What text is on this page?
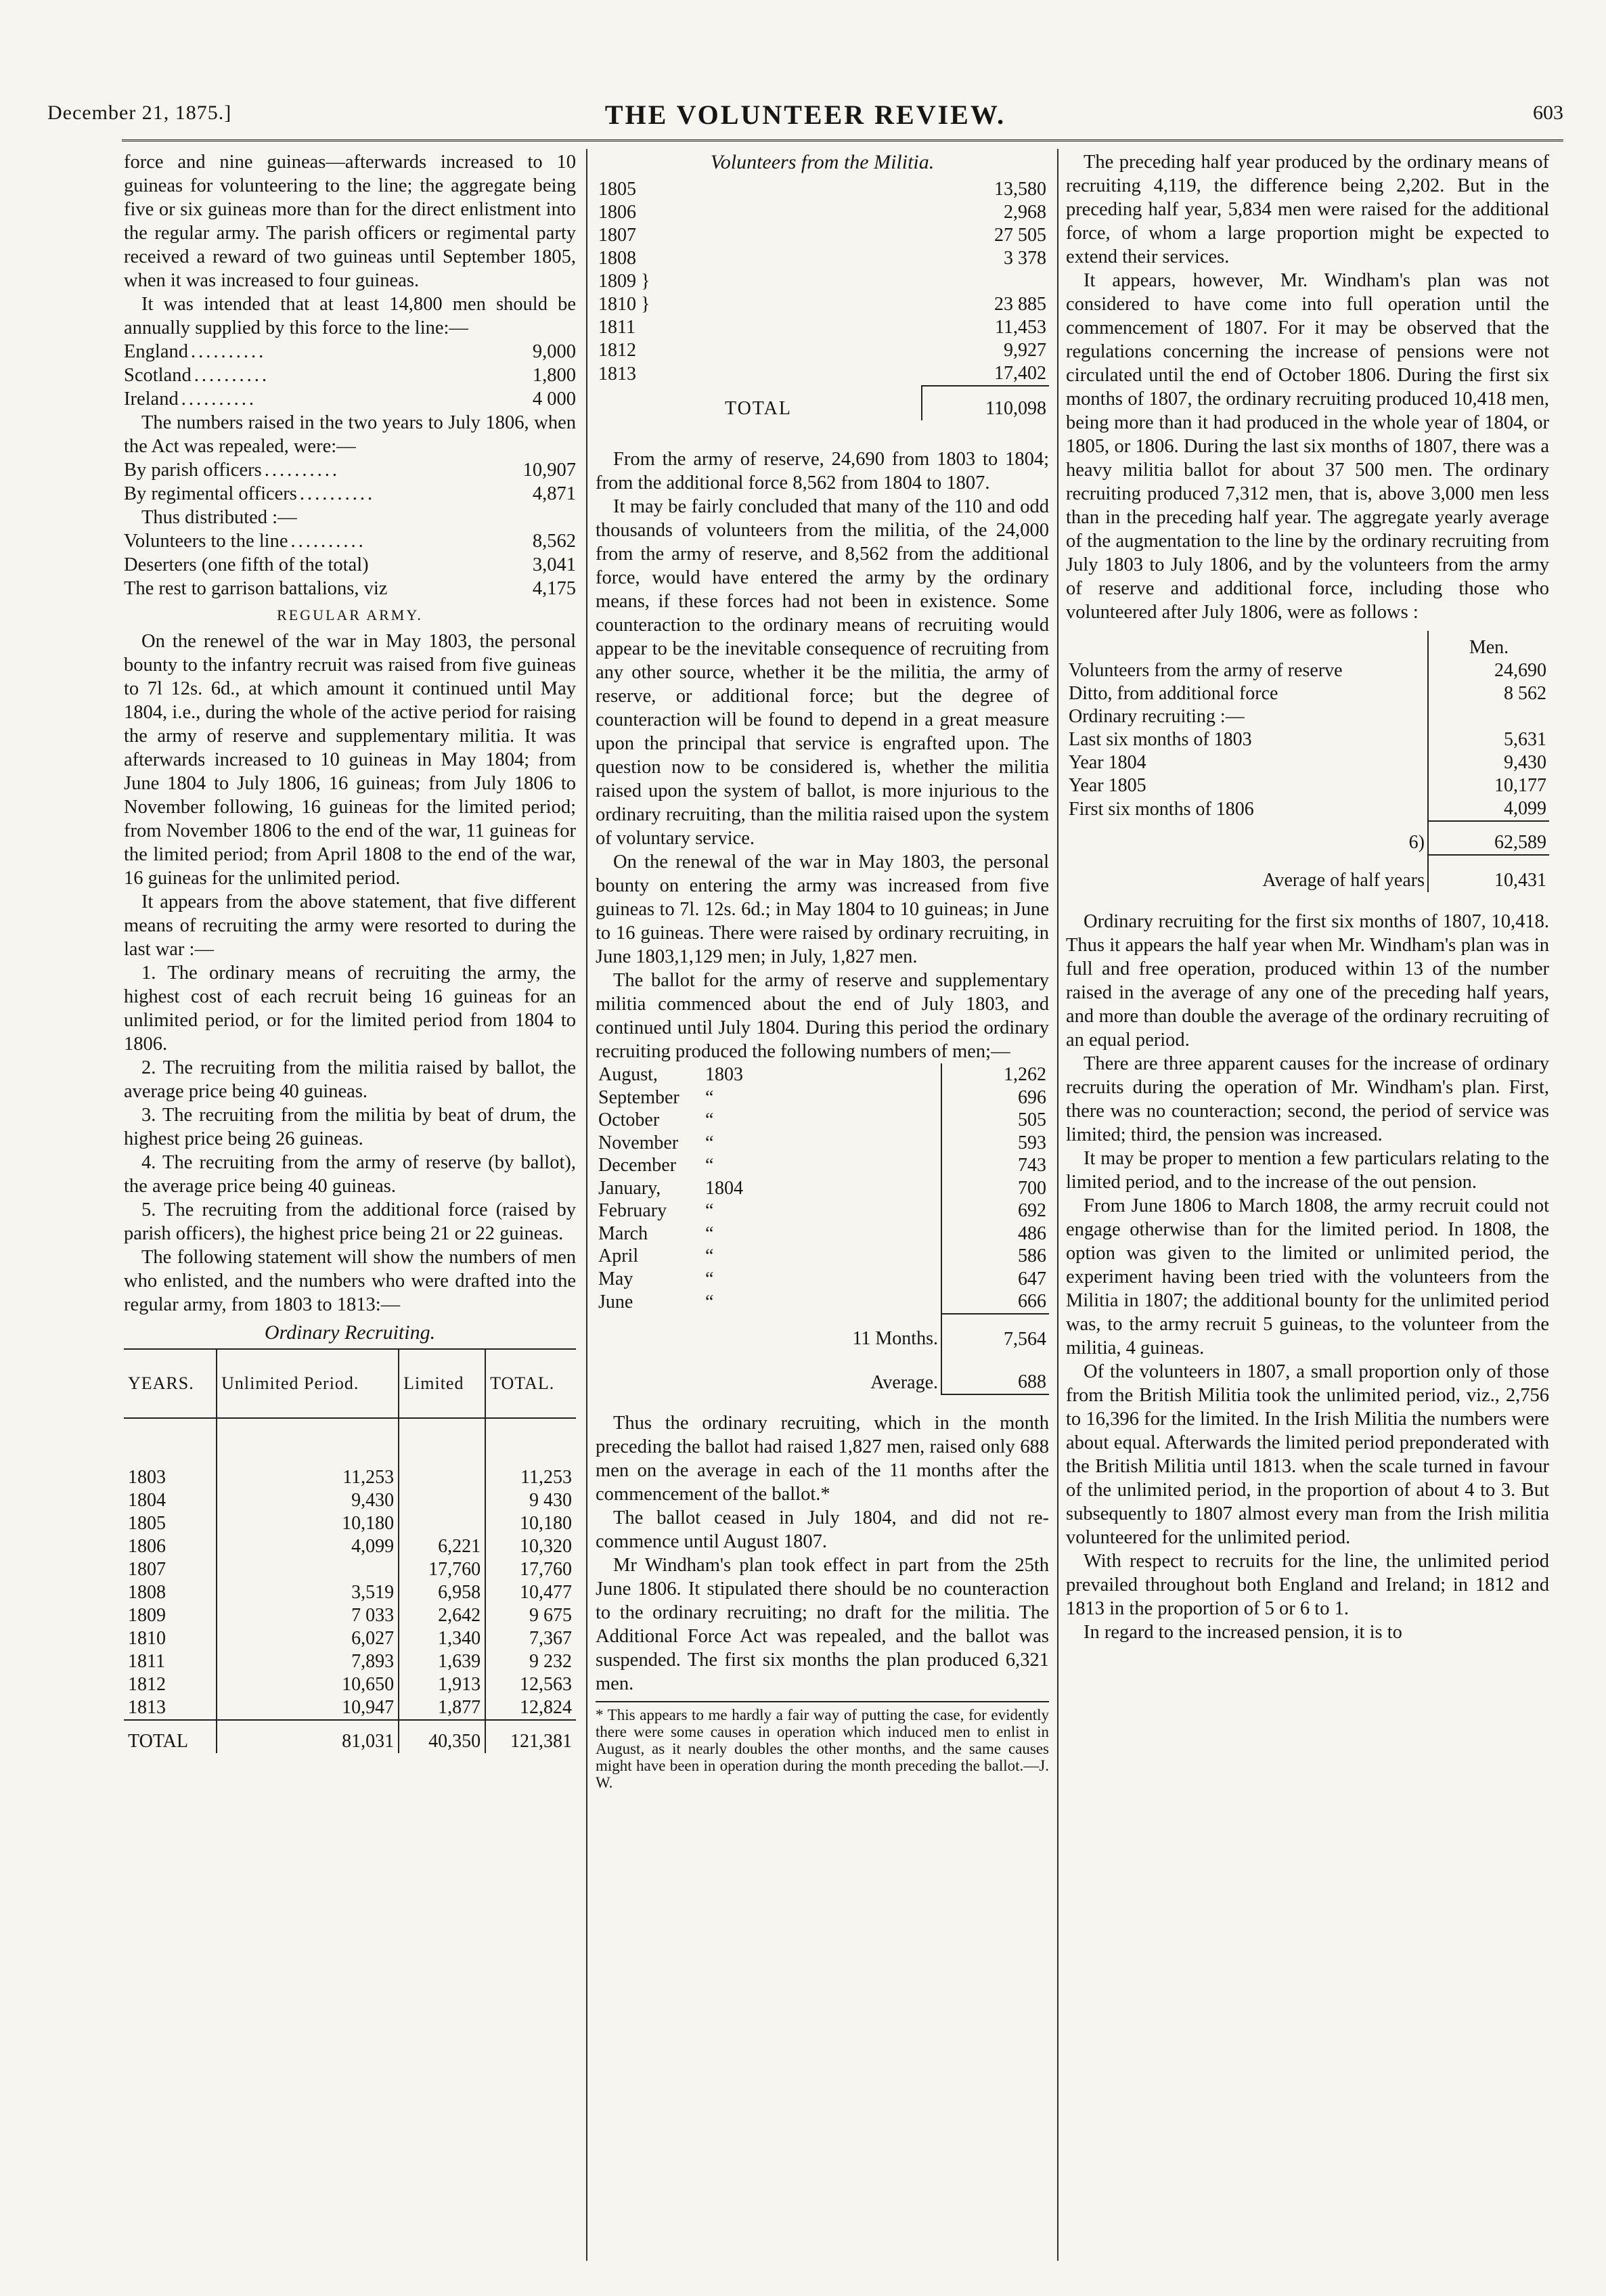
December 21, 1875.]	THE VOLUNTEER REVIEW.	603

force and nine guineas—afterwards increased to 10 guineas for volunteering to the line; the aggregate being five or six guineas more than for the direct enlistment into the regular army. The parish officers or regimental party received a reward of two guineas until September 1805, when it was increased to four guineas.

It was intended that at least 14,800 men should be annually supplied by this force to the line:—

England ..........	9,000
Scotland ..........	1,800
Ireland ..........	4 000

The numbers raised in the two years to July 1806, when the Act was repealed, were:—

By parish officers ..........	10,907
By regimental officers ..........	4,871

Thus distributed :—

Volunteers to the line ..........	8,562
Deserters (one fifth of the total)	3,041
The rest to garrison battalions, viz	4,175
REGULAR ARMY.

On the renewel of the war in May 1803, the personal bounty to the infantry recruit was raised from five guineas to 7l 12s. 6d., at which amount it continued until May 1804, i.e., during the whole of the active period for raising the army of reserve and supplementary militia. It was afterwards increased to 10 guineas in May 1804; from June 1804 to July 1806, 16 guineas; from July 1806 to November following, 16 guineas for the limited period; from November 1806 to the end of the war, 11 guineas for the limited period; from April 1808 to the end of the war, 16 guineas for the unlimited period.

It appears from the above statement, that five different means of recruiting the army were resorted to during the last war :—

1. The ordinary means of recruiting the army, the highest cost of each recruit being 16 guineas for an unlimited period, or for the limited period from 1804 to 1806.

2. The recruiting from the militia raised by ballot, the average price being 40 guineas.

3. The recruiting from the militia by beat of drum, the highest price being 26 guineas.

4. The recruiting from the army of reserve (by ballot), the average price being 40 guineas.

5. The recruiting from the additional force (raised by parish officers), the highest price being 21 or 22 guineas.

The following statement will show the numbers of men who enlisted, and the numbers who were drafted into the regular army, from 1803 to 1813:—

Ordinary Recruiting.
YEARS.	Unlimited Period.	Limited	TOTAL.

1803	11,253		11,253
1804	9,430		9 430
1805	10,180		10,180
1806	4,099	6,221	10,320
1807		17,760	17,760
1808	3,519	6,958	10,477
1809	7 033	2,642	9 675
1810	6,027	1,340	7,367
1811	7,893	1,639	9 232
1812	10,650	1,913	12,563
1813	10,947	1,877	12,824
TOTAL	81,031	40,350	121,381
Volunteers from the Militia.
1805	13,580
1806	2,968
1807	27 505
1808	3 378
1809 }	
1810 }	23 885
1811	11,453
1812	9,927
1813	17,402
TOTAL	110,098

From the army of reserve, 24,690 from 1803 to 1804; from the additional force 8,562 from 1804 to 1807.

It may be fairly concluded that many of the 110 and odd thousands of volunteers from the militia, of the 24,000 from the army of reserve, and 8,562 from the additional force, would have entered the army by the ordinary means, if these forces had not been in existence. Some counteraction to the ordinary means of recruiting would appear to be the inevitable consequence of recruiting from any other source, whether it be the militia, the army of reserve, or additional force; but the degree of counteraction will be found to depend in a great measure upon the principal that service is engrafted upon. The question now to be considered is, whether the militia raised upon the system of ballot, is more injurious to the ordinary recruiting, than the militia raised upon the system of voluntary service.

On the renewal of the war in May 1803, the personal bounty on entering the army was increased from five guineas to 7l. 12s. 6d.; in May 1804 to 10 guineas; in June to 16 guineas. There were raised by ordinary recruiting, in June 1803,1,129 men; in July, 1,827 men.

The ballot for the army of reserve and supplementary militia commenced about the end of July 1803, and continued until July 1804. During this period the ordinary recruiting produced the following numbers of men;—

August,	1803	1,262
September	“	696
October	“	505
November	“	593
December	“	743
January,	1804	700
February	“	692
March	“	486
April	“	586
May	“	647
June	“	666
11 Months.		7,564
Average.		688

Thus the ordinary recruiting, which in the month preceding the ballot had raised 1,827 men, raised only 688 men on the average in each of the 11 months after the commencement of the ballot.*

The ballot ceased in July 1804, and did not re-commence until August 1807.

Mr Windham's plan took effect in part from the 25th June 1806. It stipulated there should be no counteraction to the ordinary recruiting; no draft for the militia. The Additional Force Act was repealed, and the ballot was suspended. The first six months the plan produced 6,321 men.

* This appears to me hardly a fair way of putting the case, for evidently there were some causes in operation which induced men to enlist in August, as it nearly doubles the other months, and the same causes might have been in operation during the month preceding the ballot.—J. W.

The preceding half year produced by the ordinary means of recruiting 4,119, the difference being 2,202. But in the preceding half year, 5,834 men were raised for the additional force, of whom a large proportion might be expected to extend their services.

It appears, however, Mr. Windham's plan was not considered to have come into full operation until the commencement of 1807. For it may be observed that the regulations concerning the increase of pensions were not circulated until the end of October 1806. During the first six months of 1807, the ordinary recruiting produced 10,418 men, being more than it had produced in the whole year of 1804, or 1805, or 1806. During the last six months of 1807, there was a heavy militia ballot for about 37 500 men. The ordinary recruiting produced 7,312 men, that is, above 3,000 men less than in the preceding half year. The aggregate yearly average of the augmentation to the line by the ordinary recruiting from July 1803 to July 1806, and by the volunteers from the army of reserve and additional force, including those who volunteered after July 1806, were as follows :

	Men.
Volunteers from the army of reserve	24,690
Ditto, from additional force	8 562
Ordinary recruiting :—	
Last six months of 1803	5,631
Year 1804	9,430
Year 1805	10,177
First six months of 1806	4,099
6)	62,589
Average of half years	10,431

Ordinary recruiting for the first six months of 1807, 10,418. Thus it appears the half year when Mr. Windham's plan was in full and free operation, produced within 13 of the number raised in the average of any one of the preceding half years, and more than double the average of the ordinary recruiting of an equal period.

There are three apparent causes for the increase of ordinary recruits during the operation of Mr. Windham's plan. First, there was no counteraction; second, the period of service was limited; third, the pension was increased.

It may be proper to mention a few particulars relating to the limited period, and to the increase of the out pension.

From June 1806 to March 1808, the army recruit could not engage otherwise than for the limited period. In 1808, the option was given to the limited or unlimited period, the experiment having been tried with the volunteers from the Militia in 1807; the additional bounty for the unlimited period was, to the army recruit 5 guineas, to the volunteer from the militia, 4 guineas.

Of the volunteers in 1807, a small proportion only of those from the British Militia took the unlimited period, viz., 2,756 to 16,396 for the limited. In the Irish Militia the numbers were about equal. Afterwards the limited period preponderated with the British Militia until 1813. when the scale turned in favour of the unlimited period, in the proportion of about 4 to 3. But subsequently to 1807 almost every man from the Irish militia volunteered for the unlimited period.

With respect to recruits for the line, the unlimited period prevailed throughout both England and Ireland; in 1812 and 1813 in the proportion of 5 or 6 to 1.

In regard to the increased pension, it is to
